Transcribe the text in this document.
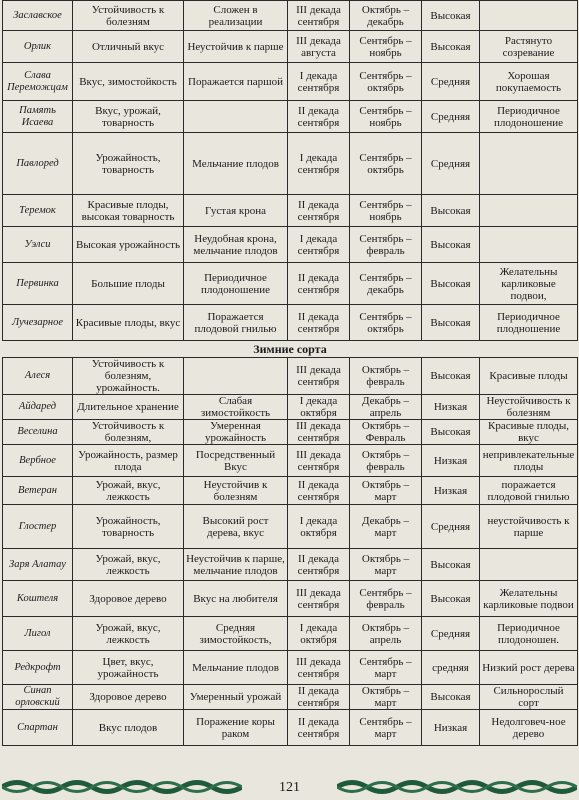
Заславское	Устойчивость к болезням	Сложен в реализации	III декада сентября	Октябрь – декабрь	Высокая	
Орлик	Отличный вкус	Неустойчив к парше	III декада августа	Сентябрь – ноябрь	Высокая	Растянуто созревание
Слава Переможцам	Вкус, зимостойкость	Поражается паршой	I декада сентября	Сентябрь – октябрь	Средняя	Хорошая покупаемость
Память Исаева	Вкус, урожай, товарность		II декада сентября	Сентябрь – ноябрь	Средняя	Периодичное плодоношение
Павлоред	Урожайность, товарность	Мельчание плодов	I декада сентября	Сентябрь – октябрь	Средняя	
Теремок	Красивые плоды, высокая товарность	Густая крона	II декада сентября	Сентябрь – ноябрь	Высокая	
Уэлси	Высокая урожайность	Неудобная крона, мельчание плодов	I декада сентября	Сентябрь – февраль	Высокая	
Первинка	Большие плоды	Периодичное плодоношение	II декада сентября	Сентябрь – декабрь	Высокая	Желательны карликовые подвои,
Лучезарное	Красивые плоды, вкус	Поражается плодовой гнилью	II декада сентября	Сентябрь – октябрь	Высокая	Периодичное плодношение
Зимние сорта						
Алеся	Устойчивость к болезням, урожайность.		III декада сентября	Октябрь – февраль	Высокая	Красивые плоды
Айдаред	Длительное хранение	Слабая зимостойкость	I декада октября	Декабрь – апрель	Низкая	Неустойчивость к болезням
Веселина	Устойчивость к болезням,	Умеренная урожайность	III декада сентября	Октябрь – Февраль	Высокая	Красивые плоды, вкус
Вербное	Урожайность, размер плода	Посредственный Вкус	III декада сентября	Октябрь – февраль	Низкая	непривлекательные плоды
Ветеран	Урожай, вкус, лежкость	Неустойчив к болезням	II декада сентября	Октябрь – март	Низкая	поражается плодовой гнилью
Глостер	Урожайность, товарность	Высокий рост дерева, вкус	I декада октября	Декабрь – март	Средняя	неустойчивость к парше
Заря Алатау	Урожай, вкус, лежкость	Неустойчив к парше, мельчание плодов	II декада сентября	Октябрь – март	Высокая	
Коштеля	Здоровое дерево	Вкус на любителя	III декада сентября	Сентябрь – февраль	Высокая	Желательны карликовые подвои
Лигол	Урожай, вкус, лежкость	Средняя зимостойкость,	I декада октября	Октябрь – апрель	Средняя	Периодичное плодоношен.
Редкрофт	Цвет, вкус, урожайность	Мельчание плодов	III декада сентября	Сентябрь – март	средняя	Низкий рост дерева
Синап орловский	Здоровое дерево	Умеренный урожай	II декада сентября	Октябрь – март	Высокая	Сильнорослый сорт
Спартан	Вкус плодов	Поражение коры раком	II декада сентября	Сентябрь – март	Низкая	Недолговеч-ное дерево
121
